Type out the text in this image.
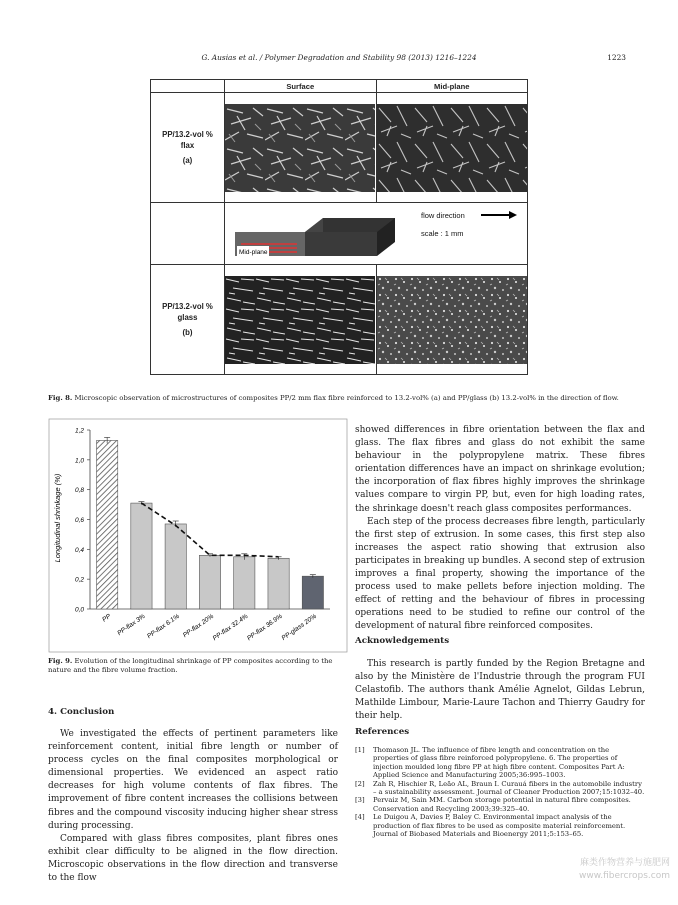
G. Ausias et al. / Polymer Degradation and Stability 98 (2013) 1216–1224	1223
	Surface	Mid-plane

PP/13.2-vol %
flax
(a)

Surface
Mid-plane
flow direction
scale : 1 mm	

PP/13.2-vol %
glass
(b)

Fig. 8. Microscopic observation of microstructures of composites PP/2 mm flax fibre reinforced to 13.2-vol% (a) and PP/glass (b) 13.2-vol% in the direction of flow.
Longitudinal shrinkage (%)
0,0
0,2
0,4
0,6
0,8
1,0
1,2
PP PP-flax 3% PP-flax 6.1% PP-flax 20%
PP-flax 32.4%
PP-flax 36.9%
PP-glass 20%
Fig. 9. Evolution of the longitudinal shrinkage of PP composites according to the nature and the fibre volume fraction.
4. Conclusion

We investigated the effects of pertinent parameters like reinforcement content, initial fibre length or number of process cycles on the final composites morphological or dimensional properties. We evidenced an aspect ratio decreases for high volume contents of flax fibres. The improvement of fibre content increases the collisions between fibres and the compound viscosity inducing higher shear stress during processing.

Compared with glass fibres composites, plant fibres ones exhibit clear difficulty to be aligned in the flow direction. Microscopic observations in the flow direction and transverse to the flow

showed differences in fibre orientation between the flax and glass. The flax fibres and glass do not exhibit the same behaviour in the polypropylene matrix. These fibres orientation differences have an impact on shrinkage evolution; the incorporation of flax fibres highly improves the shrinkage values compare to virgin PP, but, even for high loading rates, the shrinkage doesn't reach glass composites performances.

Each step of the process decreases fibre length, particularly the first step of extrusion. In some cases, this first step also increases the aspect ratio showing that extrusion also participates in breaking up bundles. A second step of extrusion improves a final property, showing the importance of the process used to make pellets before injection molding. The effect of retting and the behaviour of fibres in processing operations need to be studied to refine our control of the development of natural fibre reinforced composites.

Acknowledgements

This research is partly funded by the Region Bretagne and also by the Ministère de l'Industrie through the program FUI Celastofib. The authors thank Amélie Agnelot, Gildas Lebrun, Mathilde Limbour, Marie-Laure Tachon and Thierry Gaudry for their help.

References
[1] Thomason JL. The influence of fibre length and concentration on the properties of glass fibre reinforced polypropylene. 6. The properties of injection moulded long fibre PP at high fibre content. Composites Part A: Applied Science and Manufacturing 2005;36:995–1003.
[2] Zah R, Hischier R, Leão AL, Braun I. Curauá fibers in the automobile industry – a sustainability assessment. Journal of Cleaner Production 2007;15:1032–40.
[3] Pervaiz M, Sain MM. Carbon storage potential in natural fibre composites. Conservation and Recycling 2003;39:325–40.
[4] Le Duigou A, Davies P, Baley C. Environmental impact analysis of the production of flax fibres to be used as composite material reinforcement. Journal of Biobased Materials and Bioenergy 2011;5:153–65.
麻类作物营养与施肥网
www.fibercrops.com
